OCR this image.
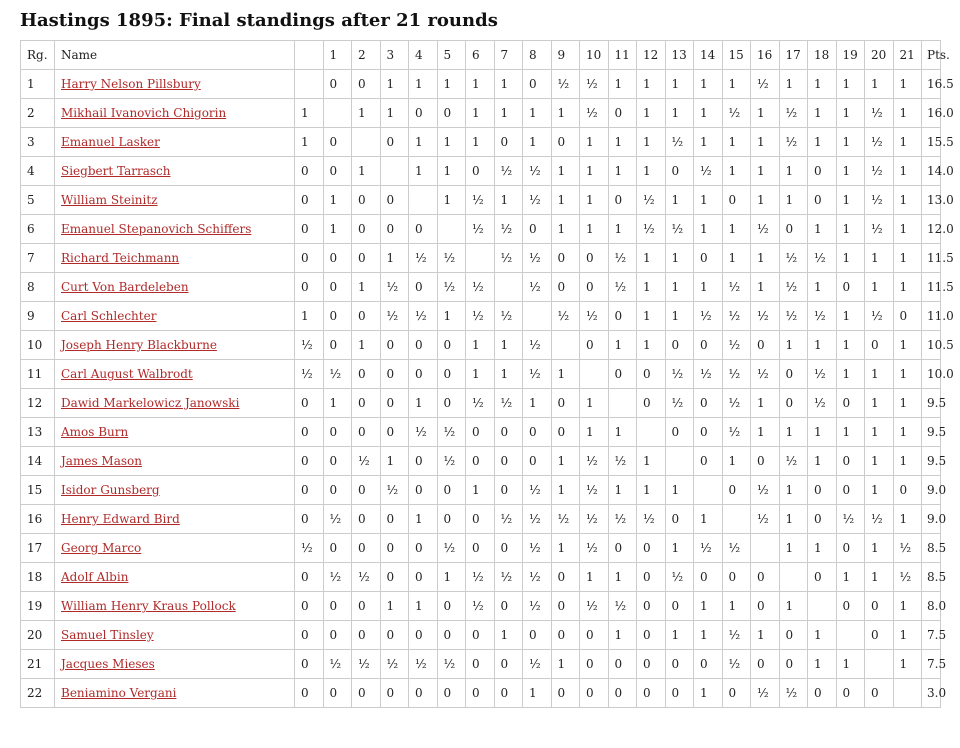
Hastings 1895: Final standings after 21 rounds
Rg.	Name		1	2	3	4	5	6	7	8	9	10	11	12	13	14	15	16	17	18	19	20	21	Pts.
1	Harry Nelson Pillsbury		0	0	1	1	1	1	1	0	½	½	1	1	1	1	1	½	1	1	1	1	1	16.5
2	Mikhail Ivanovich Chigorin	1		1	1	0	0	1	1	1	1	½	0	1	1	1	½	1	½	1	1	½	1	16.0
3	Emanuel Lasker	1	0		0	1	1	1	0	1	0	1	1	1	½	1	1	1	½	1	1	½	1	15.5
4	Siegbert Tarrasch	0	0	1		1	1	0	½	½	1	1	1	1	0	½	1	1	1	0	1	½	1	14.0
5	William Steinitz	0	1	0	0		1	½	1	½	1	1	0	½	1	1	0	1	1	0	1	½	1	13.0
6	Emanuel Stepanovich Schiffers	0	1	0	0	0		½	½	0	1	1	1	½	½	1	1	½	0	1	1	½	1	12.0
7	Richard Teichmann	0	0	0	1	½	½		½	½	0	0	½	1	1	0	1	1	½	½	1	1	1	11.5
8	Curt Von Bardeleben	0	0	1	½	0	½	½		½	0	0	½	1	1	1	½	1	½	1	0	1	1	11.5
9	Carl Schlechter	1	0	0	½	½	1	½	½		½	½	0	1	1	½	½	½	½	½	1	½	0	11.0
10	Joseph Henry Blackburne	½	0	1	0	0	0	1	1	½		0	1	1	0	0	½	0	1	1	1	0	1	10.5
11	Carl August Walbrodt	½	½	0	0	0	0	1	1	½	1		0	0	½	½	½	½	0	½	1	1	1	10.0
12	Dawid Markelowicz Janowski	0	1	0	0	1	0	½	½	1	0	1		0	½	0	½	1	0	½	0	1	1	9.5
13	Amos Burn	0	0	0	0	½	½	0	0	0	0	1	1		0	0	½	1	1	1	1	1	1	9.5
14	James Mason	0	0	½	1	0	½	0	0	0	1	½	½	1		0	1	0	½	1	0	1	1	9.5
15	Isidor Gunsberg	0	0	0	½	0	0	1	0	½	1	½	1	1	1		0	½	1	0	0	1	0	9.0
16	Henry Edward Bird	0	½	0	0	1	0	0	½	½	½	½	½	½	0	1		½	1	0	½	½	1	9.0
17	Georg Marco	½	0	0	0	0	½	0	0	½	1	½	0	0	1	½	½		1	1	0	1	½	8.5
18	Adolf Albin	0	½	½	0	0	1	½	½	½	0	1	1	0	½	0	0	0		0	1	1	½	8.5
19	William Henry Kraus Pollock	0	0	0	1	1	0	½	0	½	0	½	½	0	0	1	1	0	1		0	0	1	8.0
20	Samuel Tinsley	0	0	0	0	0	0	0	1	0	0	0	1	0	1	1	½	1	0	1		0	1	7.5
21	Jacques Mieses	0	½	½	½	½	½	0	0	½	1	0	0	0	0	0	½	0	0	1	1		1	7.5
22	Beniamino Vergani	0	0	0	0	0	0	0	0	1	0	0	0	0	0	1	0	½	½	0	0	0		3.0
